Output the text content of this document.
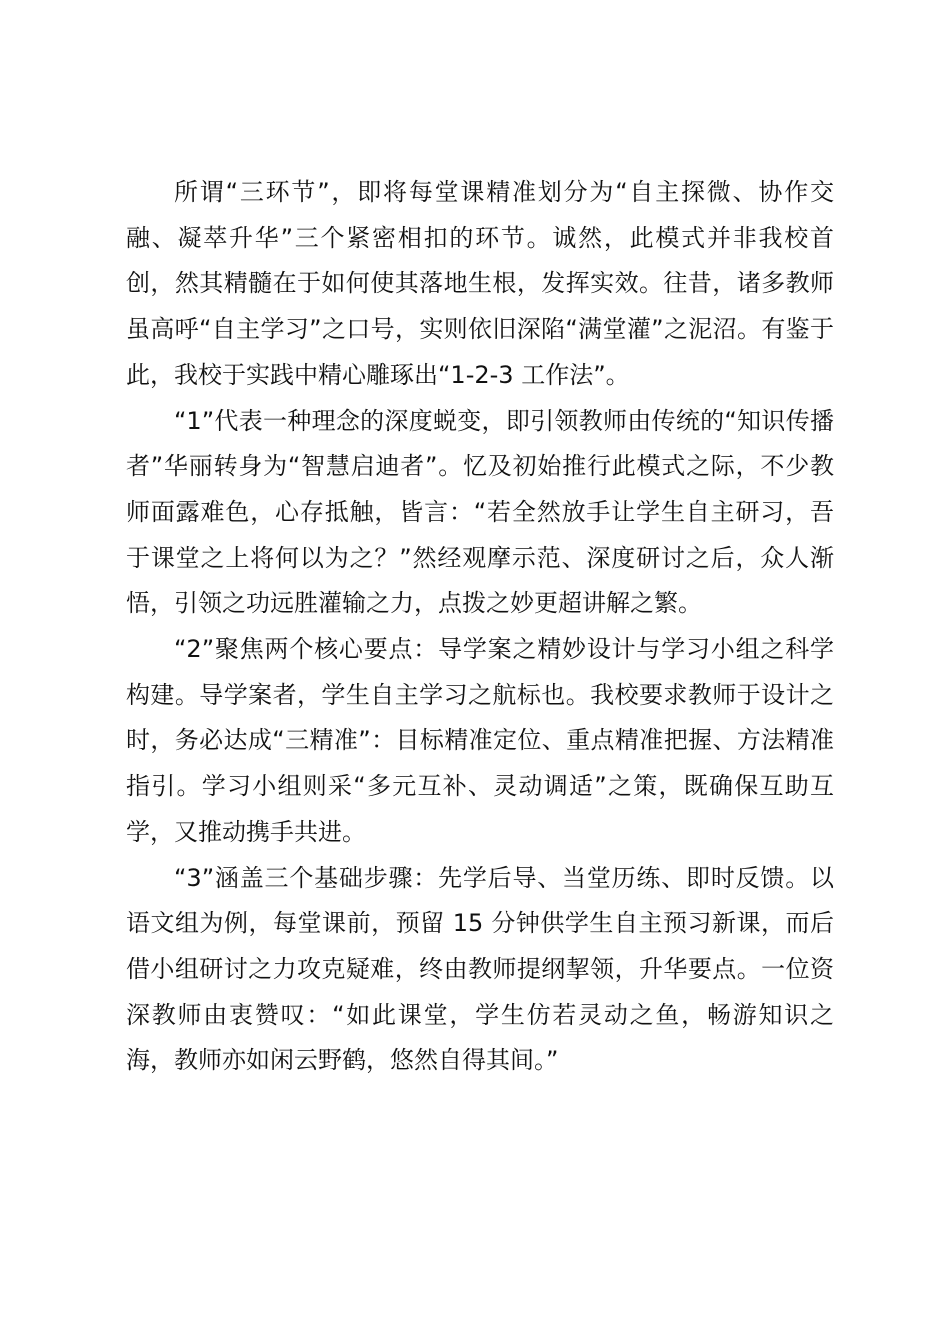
所谓“三环节”，即将每堂课精准划分为“自主探微、协作交融、凝萃升华”三个紧密相扣的环节。诚然，此模式并非我校首创，然其精髓在于如何使其落地生根，发挥实效。往昔，诸多教师虽高呼“自主学习”之口号，实则依旧深陷“满堂灌”之泥沼。有鉴于此，我校于实践中精心雕琢出“1-2-3 工作法”。

“1”代表一种理念的深度蜕变，即引领教师由传统的“知识传播者”华丽转身为“智慧启迪者”。忆及初始推行此模式之际，不少教师面露难色，心存抵触，皆言：“若全然放手让学生自主研习，吾于课堂之上将何以为之？”然经观摩示范、深度研讨之后，众人渐悟，引领之功远胜灌输之力，点拨之妙更超讲解之繁。

“2”聚焦两个核心要点：导学案之精妙设计与学习小组之科学构建。导学案者，学生自主学习之航标也。我校要求教师于设计之时，务必达成“三精准”：目标精准定位、重点精准把握、方法精准指引。学习小组则采“多元互补、灵动调适”之策，既确保互助互学，又推动携手共进。

“3”涵盖三个基础步骤：先学后导、当堂历练、即时反馈。以语文组为例，每堂课前，预留 15 分钟供学生自主预习新课，而后借小组研讨之力攻克疑难，终由教师提纲挈领，升华要点。一位资深教师由衷赞叹：“如此课堂，学生仿若灵动之鱼，畅游知识之海，教师亦如闲云野鹤，悠然自得其间。”
